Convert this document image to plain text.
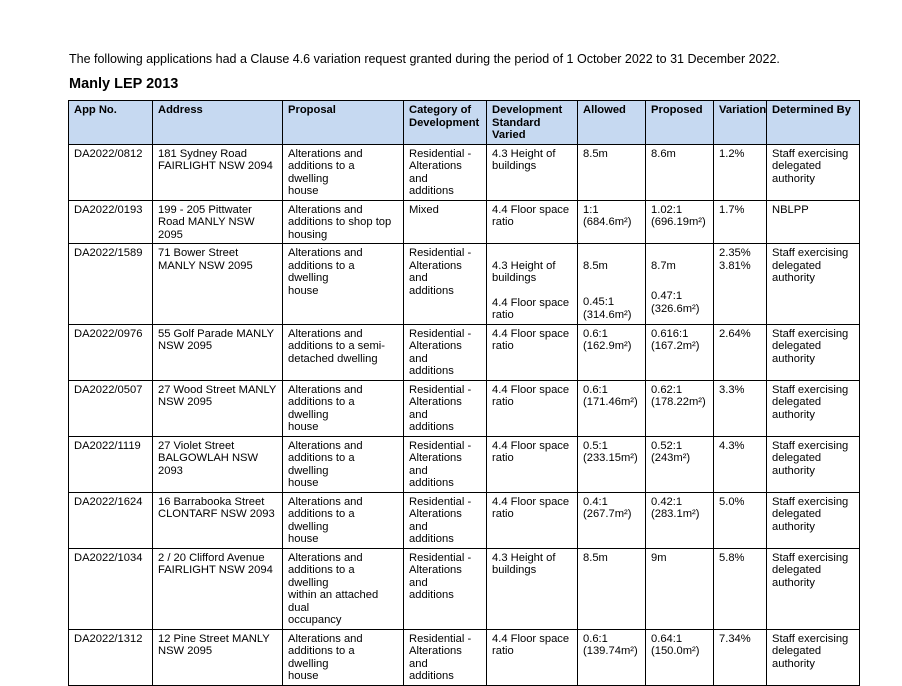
The following applications had a Clause 4.6 variation request granted during the period of 1 October 2022 to 31 December 2022.
Manly LEP 2013
App No.	Address	Proposal	Category of Development	Development Standard Varied	Allowed	Proposed	Variation	Determined By
DA2022/0812	181 Sydney Road
FAIRLIGHT NSW 2094	Alterations and
additions to a dwelling
house	Residential -
Alterations and
additions	4.3 Height of
buildings	8.5m	8.6m	1.2%	Staff exercising
delegated
authority
DA2022/0193	199 - 205 Pittwater
Road MANLY NSW
2095	Alterations and
additions to shop top
housing	Mixed	4.4 Floor space
ratio	1:1
(684.6m²)	1.02:1
(696.19m²)	1.7%	NBLPP
DA2022/1589	71 Bower Street
MANLY NSW 2095	Alterations and
additions to a dwelling
house	Residential -
Alterations and
additions	4.3 Height of
buildings
4.4 Floor space
ratio	8.5m
0.45:1
(314.6m²)	8.7m
0.47:1
(326.6m²)	2.35%
3.81%	Staff exercising
delegated
authority
DA2022/0976	55 Golf Parade MANLY
NSW 2095	Alterations and
additions to a semi-
detached dwelling	Residential -
Alterations and
additions	4.4 Floor space
ratio	0.6:1
(162.9m²)	0.616:1
(167.2m²)	2.64%	Staff exercising
delegated
authority
DA2022/0507	27 Wood Street MANLY
NSW 2095	Alterations and
additions to a dwelling
house	Residential -
Alterations and
additions	4.4 Floor space
ratio	0.6:1
(171.46m²)	0.62:1
(178.22m²)	3.3%	Staff exercising
delegated
authority
DA2022/1119	27 Violet Street
BALGOWLAH NSW
2093	Alterations and
additions to a dwelling
house	Residential -
Alterations and
additions	4.4 Floor space
ratio	0.5:1
(233.15m²)	0.52:1
(243m²)	4.3%	Staff exercising
delegated
authority
DA2022/1624	16 Barrabooka Street
CLONTARF NSW 2093	Alterations and
additions to a dwelling
house	Residential -
Alterations and
additions	4.4 Floor space
ratio	0.4:1
(267.7m²)	0.42:1
(283.1m²)	5.0%	Staff exercising
delegated
authority
DA2022/1034	2 / 20 Clifford Avenue
FAIRLIGHT NSW 2094	Alterations and
additions to a dwelling
within an attached dual
occupancy	Residential -
Alterations and
additions	4.3 Height of
buildings	8.5m	9m	5.8%	Staff exercising
delegated
authority
DA2022/1312	12 Pine Street MANLY
NSW 2095	Alterations and
additions to a dwelling
house	Residential -
Alterations and
additions	4.4 Floor space
ratio	0.6:1
(139.74m²)	0.64:1
(150.0m²)	7.34%	Staff exercising
delegated
authority
